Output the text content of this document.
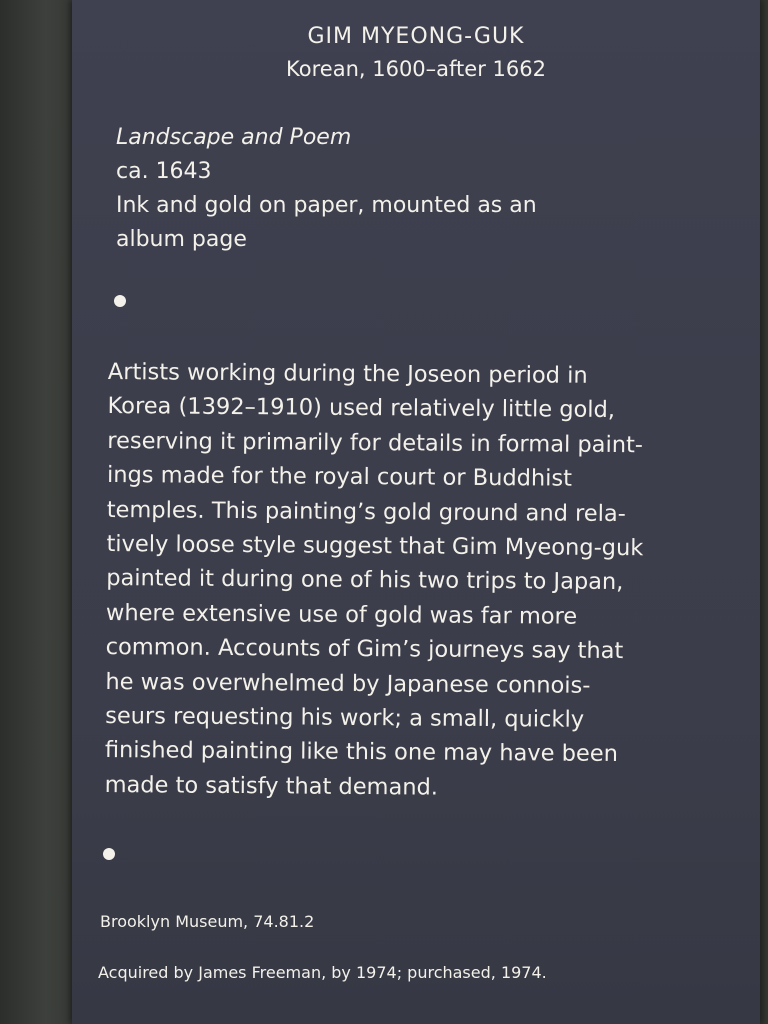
GIM MYEONG-GUK
Korean, 1600–after 1662
Landscape and Poem
ca. 1643
Ink and gold on paper, mounted as an
album page
Artists working during the Joseon period in
Korea (1392–1910) used relatively little gold,
reserving it primarily for details in formal paint-
ings made for the royal court or Buddhist
temples. This painting’s gold ground and rela-
tively loose style suggest that Gim Myeong-guk
painted it during one of his two trips to Japan,
where extensive use of gold was far more
common. Accounts of Gim’s journeys say that
he was overwhelmed by Japanese connois-
seurs requesting his work; a small, quickly
finished painting like this one may have been
made to satisfy that demand.
Brooklyn Museum, 74.81.2
Acquired by James Freeman, by 1974; purchased, 1974.
